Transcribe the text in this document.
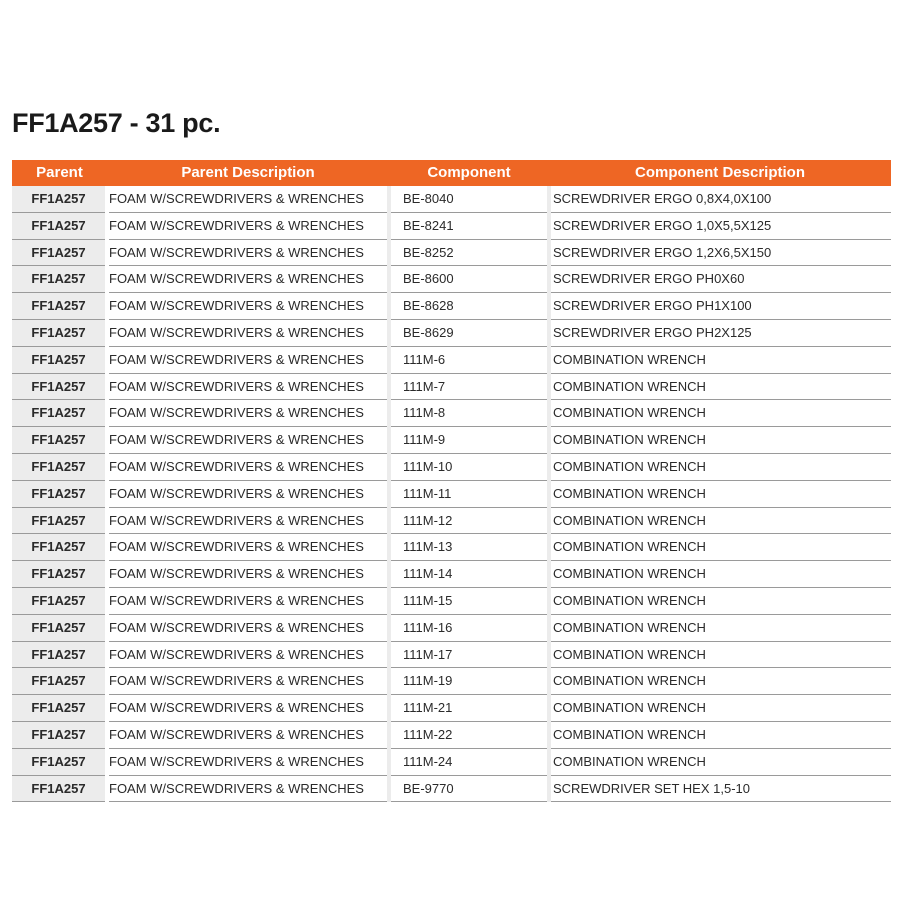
FF1A257 - 31 pc.
Parent	Parent Description	Component	Component Description
FF1A257	FOAM W/SCREWDRIVERS & WRENCHES	BE-8040	SCREWDRIVER ERGO 0,8X4,0X100
FF1A257	FOAM W/SCREWDRIVERS & WRENCHES	BE-8241	SCREWDRIVER ERGO 1,0X5,5X125
FF1A257	FOAM W/SCREWDRIVERS & WRENCHES	BE-8252	SCREWDRIVER ERGO 1,2X6,5X150
FF1A257	FOAM W/SCREWDRIVERS & WRENCHES	BE-8600	SCREWDRIVER ERGO PH0X60
FF1A257	FOAM W/SCREWDRIVERS & WRENCHES	BE-8628	SCREWDRIVER ERGO PH1X100
FF1A257	FOAM W/SCREWDRIVERS & WRENCHES	BE-8629	SCREWDRIVER ERGO PH2X125
FF1A257	FOAM W/SCREWDRIVERS & WRENCHES	111M-6	COMBINATION WRENCH
FF1A257	FOAM W/SCREWDRIVERS & WRENCHES	111M-7	COMBINATION WRENCH
FF1A257	FOAM W/SCREWDRIVERS & WRENCHES	111M-8	COMBINATION WRENCH
FF1A257	FOAM W/SCREWDRIVERS & WRENCHES	111M-9	COMBINATION WRENCH
FF1A257	FOAM W/SCREWDRIVERS & WRENCHES	111M-10	COMBINATION WRENCH
FF1A257	FOAM W/SCREWDRIVERS & WRENCHES	111M-11	COMBINATION WRENCH
FF1A257	FOAM W/SCREWDRIVERS & WRENCHES	111M-12	COMBINATION WRENCH
FF1A257	FOAM W/SCREWDRIVERS & WRENCHES	111M-13	COMBINATION WRENCH
FF1A257	FOAM W/SCREWDRIVERS & WRENCHES	111M-14	COMBINATION WRENCH
FF1A257	FOAM W/SCREWDRIVERS & WRENCHES	111M-15	COMBINATION WRENCH
FF1A257	FOAM W/SCREWDRIVERS & WRENCHES	111M-16	COMBINATION WRENCH
FF1A257	FOAM W/SCREWDRIVERS & WRENCHES	111M-17	COMBINATION WRENCH
FF1A257	FOAM W/SCREWDRIVERS & WRENCHES	111M-19	COMBINATION WRENCH
FF1A257	FOAM W/SCREWDRIVERS & WRENCHES	111M-21	COMBINATION WRENCH
FF1A257	FOAM W/SCREWDRIVERS & WRENCHES	111M-22	COMBINATION WRENCH
FF1A257	FOAM W/SCREWDRIVERS & WRENCHES	111M-24	COMBINATION WRENCH
FF1A257	FOAM W/SCREWDRIVERS & WRENCHES	BE-9770	SCREWDRIVER SET HEX 1,5-10
